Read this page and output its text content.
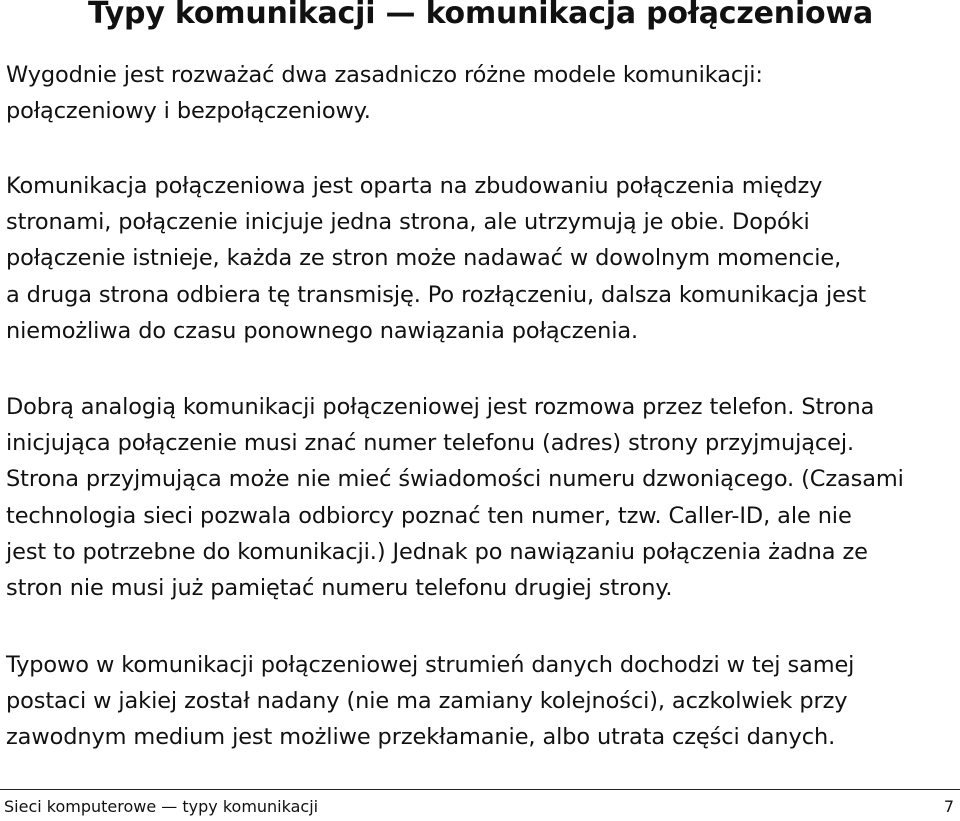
Typy komunikacji — komunikacja połączeniowa

Wygodnie jest rozważać dwa zasadniczo różne modele komunikacji:
połączeniowy i bezpołączeniowy.

Komunikacja połączeniowa jest oparta na zbudowaniu połączenia między
stronami, połączenie inicjuje jedna strona, ale utrzymują je obie. Dopóki
połączenie istnieje, każda ze stron może nadawać w dowolnym momencie,
a druga strona odbiera tę transmisję. Po rozłączeniu, dalsza komunikacja jest
niemożliwa do czasu ponownego nawiązania połączenia.

Dobrą analogią komunikacji połączeniowej jest rozmowa przez telefon. Strona
inicjująca połączenie musi znać numer telefonu (adres) strony przyjmującej.
Strona przyjmująca może nie mieć świadomości numeru dzwoniącego. (Czasami
technologia sieci pozwala odbiorcy poznać ten numer, tzw. Caller-ID, ale nie
jest to potrzebne do komunikacji.) Jednak po nawiązaniu połączenia żadna ze
stron nie musi już pamiętać numeru telefonu drugiej strony.

Typowo w komunikacji połączeniowej strumień danych dochodzi w tej samej
postaci w jakiej został nadany (nie ma zamiany kolejności), aczkolwiek przy
zawodnym medium jest możliwe przekłamanie, albo utrata części danych.

Sieci komputerowe — typy komunikacji	7
